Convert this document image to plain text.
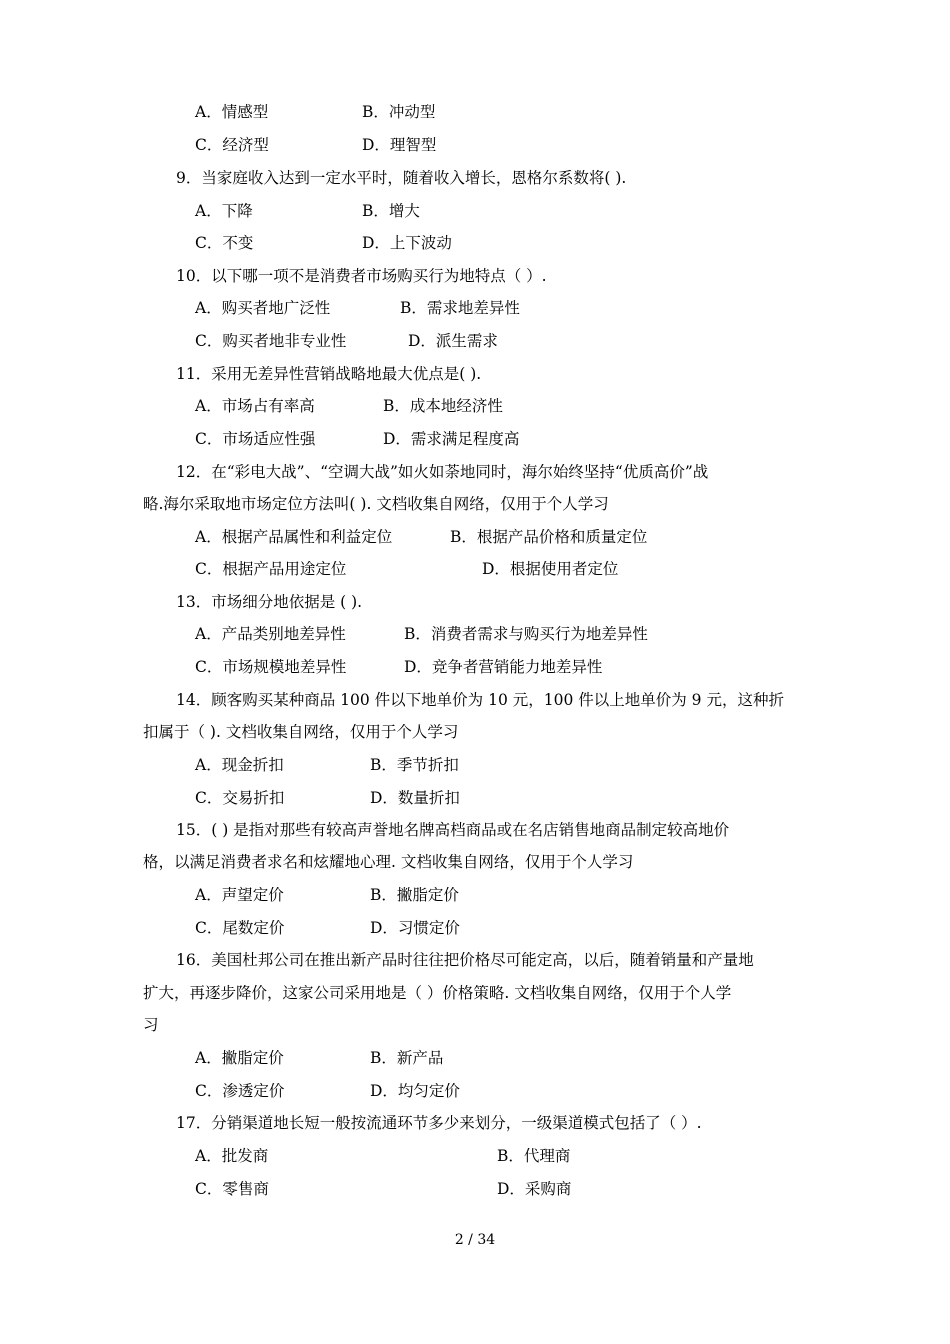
A．情感型	B．冲动型
C．经济型	D．理智型
9．当家庭收入达到一定水平时，随着收入增长，恩格尔系数将( ).
A．下降	B．增大
C．不变	D．上下波动
10．以下哪一项不是消费者市场购买行为地特点（ ）.
A．购买者地广泛性	B．需求地差异性
C．购买者地非专业性	D．派生需求
11．采用无差异性营销战略地最大优点是( ).
A．市场占有率高	B．成本地经济性
C．市场适应性强	D．需求满足程度高
12．在“彩电大战”、“空调大战”如火如荼地同时，海尔始终坚持“优质高价”战
略.海尔采取地市场定位方法叫( ). 文档收集自网络，仅用于个人学习
A．根据产品属性和利益定位	B．根据产品价格和质量定位
C．根据产品用途定位	D．根据使用者定位
13．市场细分地依据是 ( ).
A．产品类别地差异性	B．消费者需求与购买行为地差异性
C．市场规模地差异性	D．竞争者营销能力地差异性
14．顾客购买某种商品 100 件以下地单价为 10 元，100 件以上地单价为 9 元，这种折
扣属于（ ). 文档收集自网络，仅用于个人学习
A．现金折扣	B．季节折扣
C．交易折扣	D．数量折扣
15．( ) 是指对那些有较高声誉地名牌高档商品或在名店销售地商品制定较高地价
格，以满足消费者求名和炫耀地心理. 文档收集自网络，仅用于个人学习
A．声望定价	B．撇脂定价
C．尾数定价	D．习惯定价
16．美国杜邦公司在推出新产品时往往把价格尽可能定高，以后，随着销量和产量地
扩大，再逐步降价，这家公司采用地是（ ）价格策略. 文档收集自网络，仅用于个人学
习
A．撇脂定价	B．新产品
C．渗透定价	D．均匀定价
17．分销渠道地长短一般按流通环节多少来划分，一级渠道模式包括了（ ）.
A．批发商	B．代理商
C．零售商	D．采购商
2 / 34
